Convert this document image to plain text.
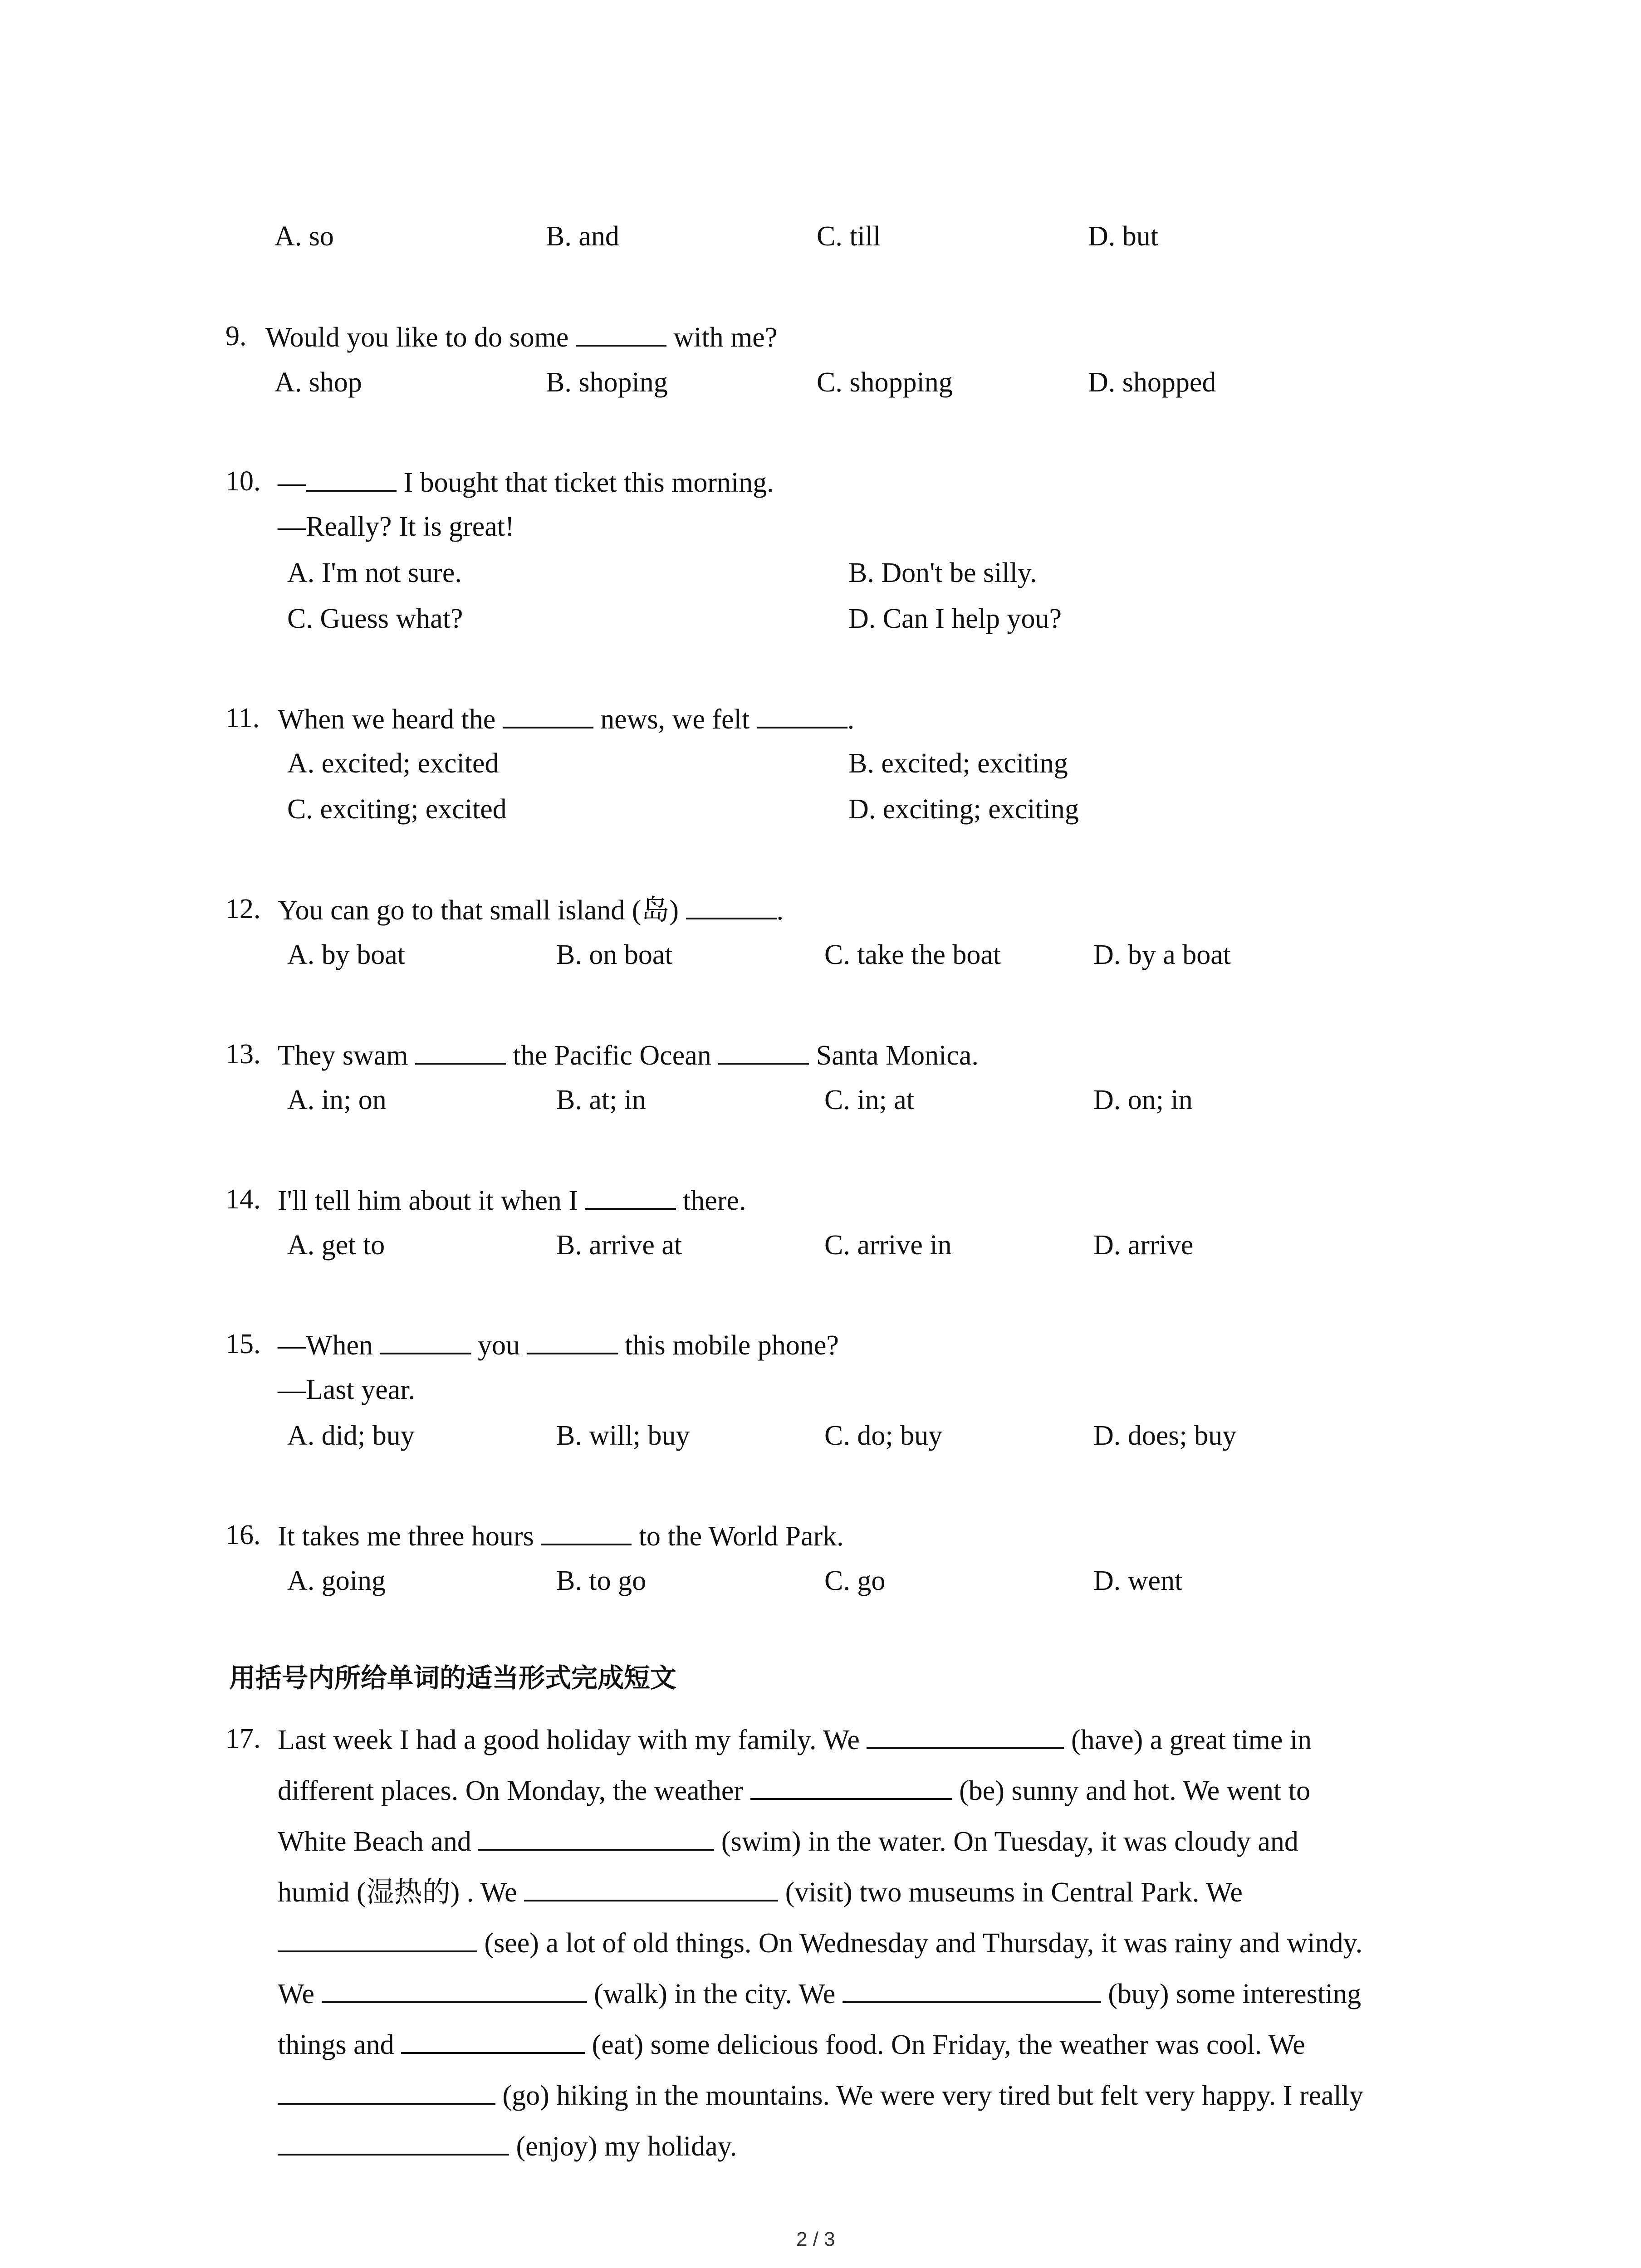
A. so	B. and	C. till	D. but
9. Would you like to do some	with me?
A. shop	B. shoping	C. shopping	D. shopped
10. —	I bought that ticket this morning.
—Really? It is great!
A. I'm not sure.	B. Don't be silly.
C. Guess what?	D. Can I help you?
11. When we heard the	news, we felt	.
A. excited; excited	B. excited; exciting
C. exciting; excited	D. exciting; exciting
12. You can go to that small island (岛)	.
A. by boat	B. on boat	C. take the boat	D. by a boat
13. They swam	the Pacific Ocean	Santa Monica.
A. in; on	B. at; in	C. in; at	D. on; in
14. I'll tell him about it when I	there.
A. get to	B. arrive at	C. arrive in	D. arrive
15. —When	you	this mobile phone?
—Last year.
A. did; buy	B. will; buy	C. do; buy	D. does; buy
16. It takes me three hours	to the World Park.
A. going	B. to go	C. go	D. went
用括号内所给单词的适当形式完成短文
17. Last week I had a good holiday with my family. We	(have) a great time in
different places. On Monday, the weather	(be) sunny and hot. We went to
White Beach and	(swim) in the water. On Tuesday, it was cloudy and
humid (湿热的) . We	(visit) two museums in Central Park. We
(see) a lot of old things. On Wednesday and Thursday, it was rainy and windy.
We	(walk) in the city. We	(buy) some interesting
things and	(eat) some delicious food. On Friday, the weather was cool. We
(go) hiking in the mountains. We were very tired but felt very happy. I really
(enjoy) my holiday.
2 / 3
